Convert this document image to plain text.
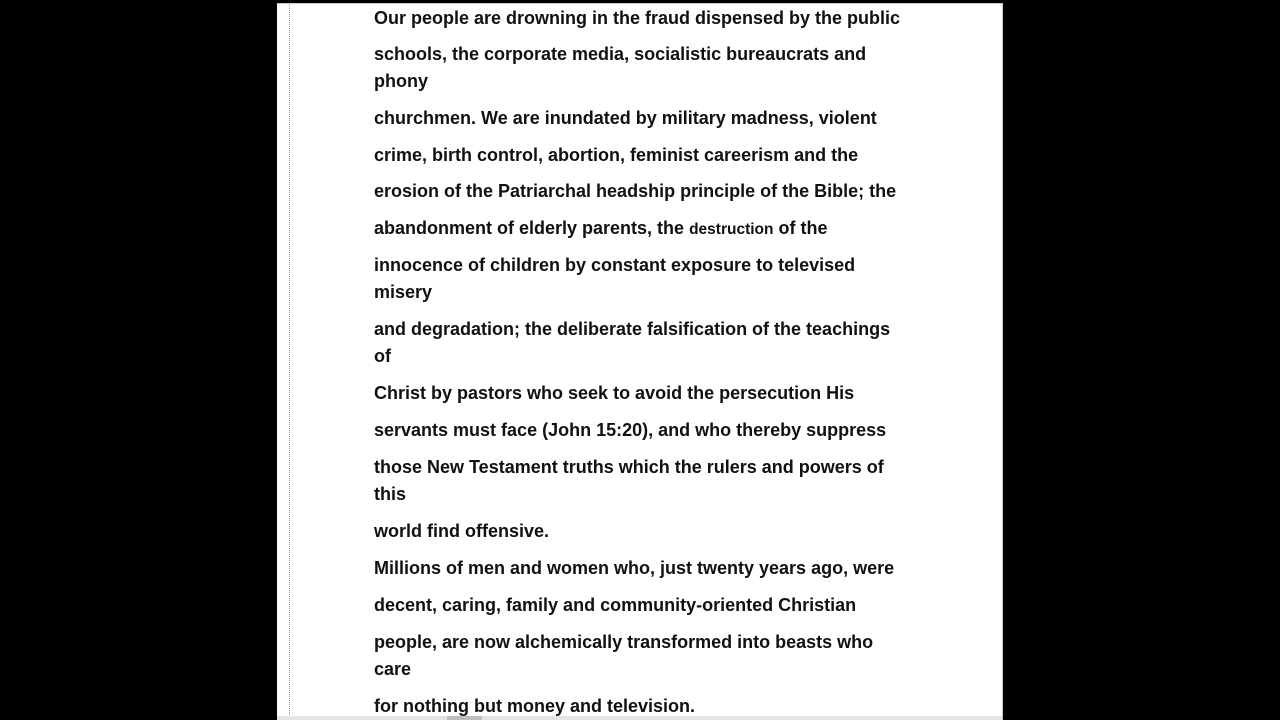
Our people are drowning in the fraud dispensed by the public
schools, the corporate media, socialistic bureaucrats and
phony
churchmen. We are inundated by military madness, violent
crime, birth control, abortion, feminist careerism and the
erosion of the Patriarchal headship principle of the Bible; the
abandonment of elderly parents, the destruction of the
innocence of children by constant exposure to televised
misery
and degradation; the deliberate falsification of the teachings
of
Christ by pastors who seek to avoid the persecution His
servants must face (John 15:20), and who thereby suppress
those New Testament truths which the rulers and powers of
this
world find offensive.
Millions of men and women who, just twenty years ago, were
decent, caring, family and community-oriented Christian
people, are now alchemically transformed into beasts who
care
for nothing but money and television.
